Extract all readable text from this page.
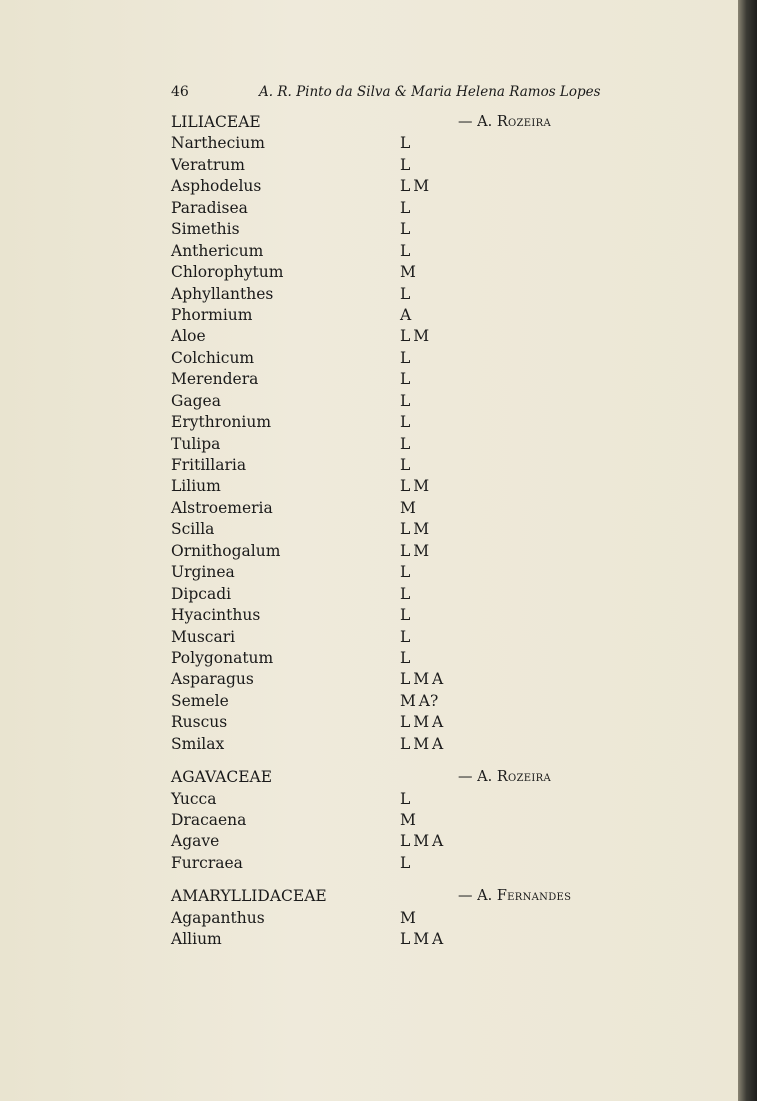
46	A. R. Pinto da Silva & Maria Helena Ramos Lopes
LILIACEAE	— A. Rozeira
Narthecium	L
Veratrum	L
Asphodelus	L M
Paradisea	L
Simethis	L
Anthericum	L
Chlorophytum	M
Aphyllanthes	L
Phormium	A
Aloe	L M
Colchicum	L
Merendera	L
Gagea	L
Erythronium	L
Tulipa	L
Fritillaria	L
Lilium	L M
Alstroemeria	M
Scilla	L M
Ornithogalum	L M
Urginea	L
Dipcadi	L
Hyacinthus	L
Muscari	L
Polygonatum	L
Asparagus	L M A
Semele	M A?
Ruscus	L M A
Smilax	L M A
AGAVACEAE	— A. Rozeira
Yucca	L
Dracaena	M
Agave	L M A
Furcraea	L
AMARYLLIDACEAE	— A. Fernandes
Agapanthus	M
Allium	L M A
